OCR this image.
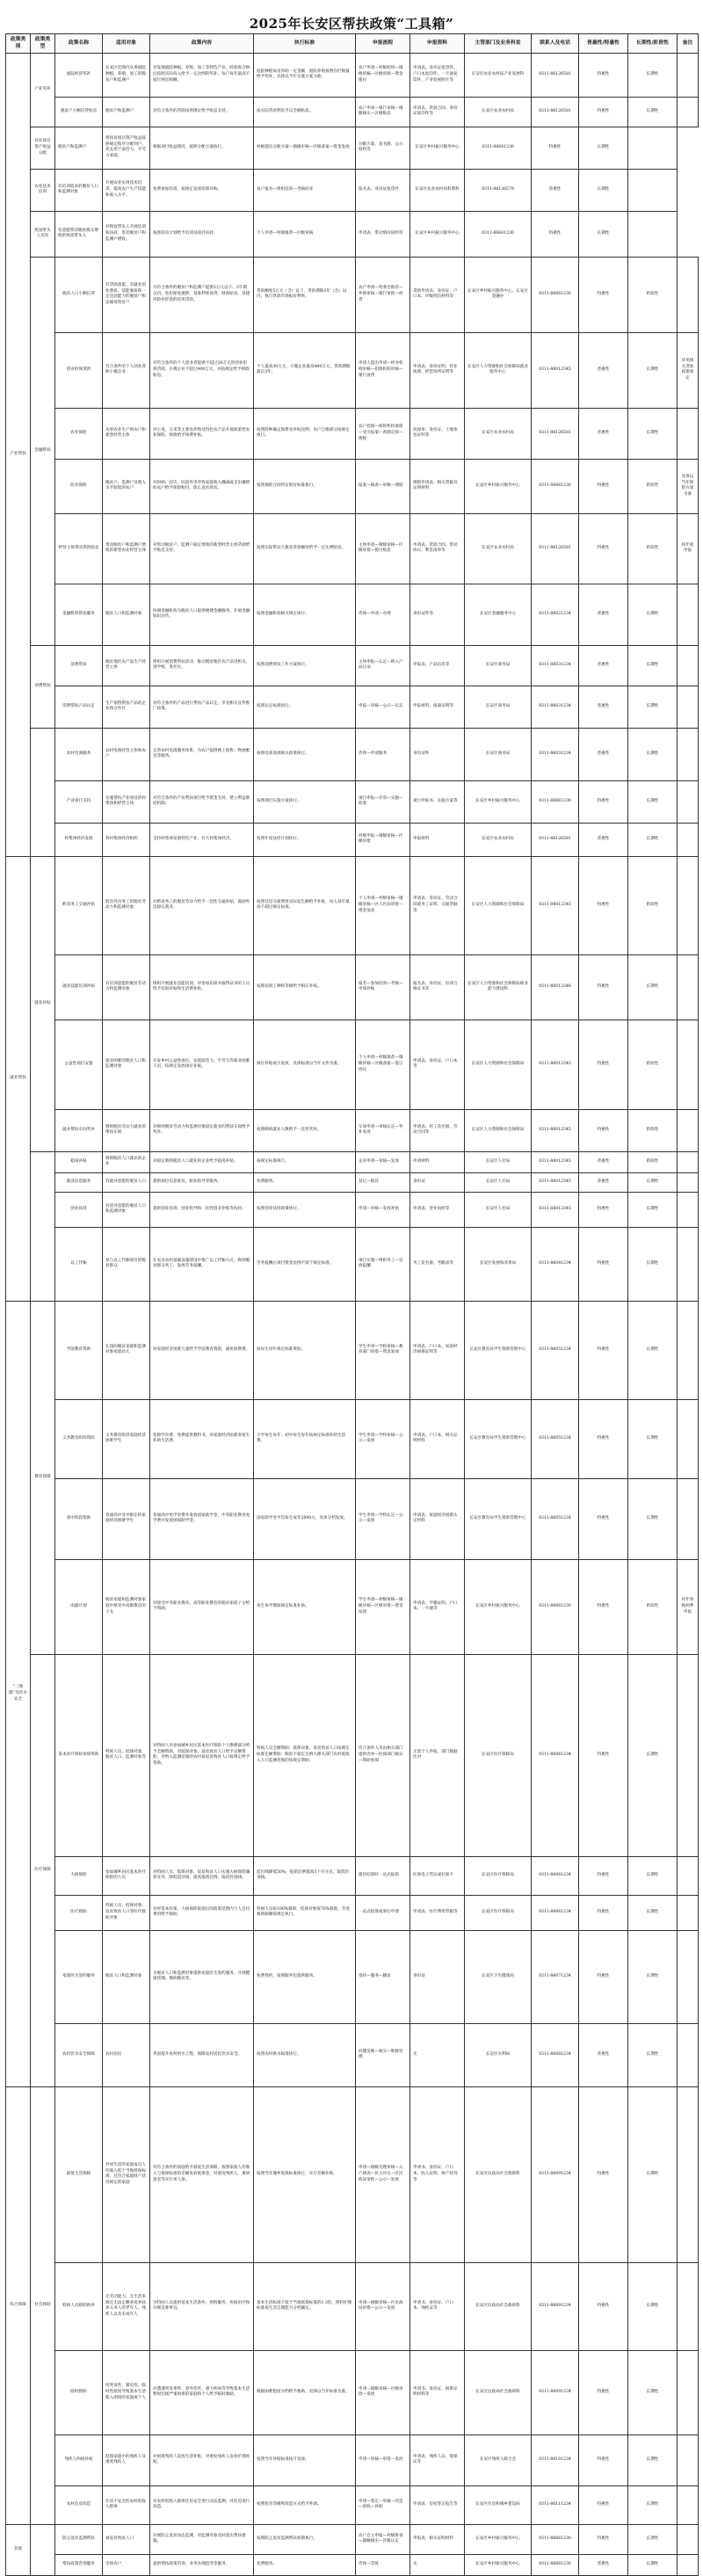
2025年长安区帮扶政策“工具箱”
政策类别	政策类型	政策名称	适用对象	政策内容	执行标准	申报流程	申报资料	主管部门及业务科室	联系人及电话	普惠性/特惠性	长期性/阶段性	备注
产业帮扶	产业奖补	庭院经济奖补	长安区范围内从事庭院种植、养殖、加工的脱贫户和监测户	对发展庭院种植、养殖、加工等特色产业，经验收合格后按照实际投入给予一定比例的奖补，每户每年最高不超过规定限额。	庭院种植每亩补助一定金额，庭院养殖按照存栏数量给予奖补，具体以当年实施方案为准。	农户申请—村级初审—镇级审核—区级审批—资金拨付	申请表、身份证复印件、户口本复印件、一卡通复印件、产业发展照片等	长安区农业农村局产业发展科	0311-86126581	特惠性	长期性	
		脱贫户小额信贷贴息	脱贫户和监测户	对符合条件的贷款按照规定给予贴息支持。	按实际贷款利息予以全额贴息。	农户申请—银行审核—镇级核实—区级贴息	申请表、贷款合同、身份证复印件等	长安区农业农村局	0311-86126581	特惠性	长期性	
	扶贫项目资产收益分配	脱贫户和监测户	将扶贫项目资产收益按照规定程序分配到户，优先用于弱劳力、半劳力家庭。	根据项目收益情况，按照分配方案执行。	村级提出分配方案—镇级审核—区级备案—资金发放	分配方案、花名册、公示材料等	长安区乡村振兴服务中心	0311-86661230	特惠性	长期性		
	农业技术培训	有培训需求的脱贫人口和监测对象	开展农业实用技术培训，提高农户生产技能和收入水平。	免费参加培训，按规定发放培训补助。	农户报名—组织培训—考核结业	报名表、身份证复印件	长安区农业农村局科教科	0311-86126579	普惠性	长期性		
	致富带头人培育	有意愿带动脱贫群众增收的致富带头人	对致富带头人开展培训和扶持，带动脱贫户和监测户增收。	按照培育计划给予培训及项目扶持。	个人申请—村镇推荐—区级审核	申请表、带动情况说明等	长安区乡村振兴服务中心	0311-86661230	特惠性	长期性		
	金融帮扶	脱贫人口小额信贷	有贷款意愿、有就业创业潜质、技能素质和一定还款能力的脱贫户和边缘易致贫户	为符合条件的脱贫户和监测户提供5万元以下、3年期以内、免担保免抵押、基准利率放贷、财政贴息、县建风险补偿金的信用贷款。	贷款额度5万元（含）以下，贷款期限3年（含）以内，执行贷款市场报价利率。	农户申请—村委会推荐—乡镇审核—银行审批—放贷	贷款申请表、身份证、户口本、评级授信材料等	长安区乡村振兴服务中心、长安区金融办	0311-86661230	特惠性	阶段性	
		创业担保贷款	符合条件的个人创业者和小微企业	对符合条件的个人创业者提供不超过30万元的创业担保贷款，小微企业不超过400万元，并按规定给予财政贴息。	个人最高30万元，小微企业最高400万元，贷款期限最长3年。	申请人提出申请—经办机构审核—担保机构审核—银行放贷	申请表、身份证明、营业执照、经营场所证明等	长安区人力资源和社会保障局就业服务中心	0311-86012345	普惠性	长期性	详见相关贷款政策规定
		农业保险	从事农业生产的农户和新型经营主体	对小麦、玉米等主要农作物及特色农产品开展政策性农业保险，财政给予保费补贴。	按照险种确定保费及补贴比例，农户自缴部分按规定执行。	农户投保—保险机构承保—受灾报案—查勘定损—理赔	投保单、身份证、土地承包证明等	长安区农业农村局	0311-86126581	普惠性	长期性	
		防贫保险	脱贫户、监测户及收入水平较低的农户	对因病、因灾、因意外等导致家庭收入骤减或支出骤增的农户给予保险赔付，防止返贫致贫。	按照保险合同约定赔付标准执行。	报案—核查—审核—理赔	理赔申请表、相关票据及证明材料	长安区乡村振兴服务中心	0311-86661230	特惠性	阶段性	具体以当年保险方案为准
		经营主体带动贷款贴息	带动脱贫户和监测户增收的新型农业经营主体	对带动脱贫户、监测户稳定增收的新型经营主体贷款给予贴息支持。	按照实际带动人数及贷款额度给予一定比例贴息。	主体申请—镇级审核—区级审批—拨付贴息	申请表、贷款合同、带动协议、利息清单等	长安区农业农村局	0311-86126581	特惠性	阶段性	按年度申报
		金融机构帮扶服务	脱贫人口和监测对象	协调金融机构为脱贫人口提供便捷金融服务，开展金融知识宣传。	按照金融机构相关规定执行。	咨询—申请—办理	身份证件等	长安区金融服务中心	0311-86021234	普惠性	长期性	
	消费帮扶	消费帮扶	脱贫地区农产品生产经营主体	组织开展消费帮扶活动，推动脱贫地区农产品进机关、进学校、进社区。	按照消费帮扶工作方案执行。	主体申报—认定—纳入产品目录	申报表、产品信息等	长安区商务局	0311-86031234	普惠性	长期性	
		消费帮扶产品认定	生产销售帮扶产品的企业和合作社	对符合条件的产品进行帮扶产品认定，享受相关宣传推广政策。	按照认定标准执行。	申报—审核—公示—认定	申报材料、质量证明等	长安区商务局	0311-86031234	普惠性	长期性	
		农村电商服务	农村电商经营主体和农户	完善农村电商服务体系，为农户提供网上销售、物流配送等服务。	按照电商发展相关政策执行。	咨询—申请服务	身份证件	长安区商务局	0311-86031234	普惠性	长期性	
		产业项目支持	实施帮扶产业项目的村集体和经营主体	对符合条件的产业帮扶项目给予资金支持，建立利益联结机制。	按照项目实施方案执行。	项目申报—评审—实施—验收	项目申报书、实施方案等	长安区乡村振兴服务中心	0311-86661230	特惠性	长期性	
		村集体经济发展	各村集体经济组织	支持村集体发展特色产业，壮大村集体经济。	按照年度扶持计划执行。	村级申报—镇级审核—区级审批	申报材料	长安区农业农村局	0311-86126581	普惠性	长期性	
就业帮扶	就业补贴	跨省务工交通补贴	跨省外出务工的脱贫劳动力和监测对象	对跨省务工的脱贫劳动力给予一次性交通补贴，鼓励外出稳定就业。	按照往返交通费用实际发生额给予补贴，每人每年最高不超过规定标准。	个人申请—村级审核—镇级审核—区人社局审批—资金发放	申请表、身份证、劳动合同或务工证明、交通票据等	长安区人力资源和社会保障局	0311-86012345	特惠性	阶段性	
		就业技能培训补贴	有培训意愿的脱贫劳动力和监测对象	组织开展就业技能培训，对参加培训并取得证书的人员给予培训补贴和生活费补贴。	按照培训工种和等级给予相应补贴。	报名—参加培训—考核—申领补贴	报名表、身份证、培训合格证书等	长安区人力资源和社会保障局职业能力建设科	0311-86012346	特惠性	长期性	
		公益性岗位安置	就业困难的脱贫人口和监测对象	开发乡村公益性岗位，安置弱劳力、半劳力等就业困难人员，按规定发放岗位补贴。	岗位补贴按月发放，具体标准以当年文件为准。	个人申请—村级推荐—镇级审核—区级备案—签订协议	申请表、身份证、户口本等	长安区人力资源和社会保障局	0311-86012345	特惠性	阶段性	
		就业帮扶车间奖补	吸纳脱贫劳动力就业的帮扶车间	对吸纳脱贫劳动力和监测对象稳定就业的帮扶车间给予奖补。	按照吸纳就业人数给予一次性奖补。	车间申请—审核认定—奖补发放	申请表、用工花名册、劳动合同等	长安区人力资源和社会保障局	0311-86012345	特惠性	阶段性	
		稳岗补贴	吸纳脱贫人口就业的企业	对稳定吸纳脱贫人口就业的企业给予稳岗补贴。	按规定标准执行。	企业申请—审核—发放	申请材料	长安区人社局	0311-86012345	普惠性	阶段性	
		就业信息服务	有就业意愿的脱贫人口	提供岗位信息推送、职业指导等服务。	免费服务。	登记—推荐	身份证	长安区人社局	0311-86012345	普惠性	长期性	
		创业扶持	有创业意愿的脱贫人口和监测对象	提供创业培训、创业指导和一次性创业补贴等扶持。	按照创业扶持政策执行。	申请—审核—发放补贴	申请表、营业执照等	长安区人社局	0311-86012345	特惠性	长期性	
		以工代赈	参与以工代赈项目的脱贫群众	在农业农村基础设施建设中推广以工代赈方式，吸纳脱贫群众务工，发放劳务报酬。	劳务报酬占项目资金比例不低于规定标准。	项目实施—组织务工—发放报酬	务工花名册、考勤表等	长安区发展和改革局	0311-86041234	特惠性	长期性	
“三保障”及饮水安全	教育保障	学前教育资助	在园的脱贫家庭和监测对象家庭幼儿	对家庭经济困难儿童给予学前教育资助，减免保教费。	按每生每年规定标准资助。	学生申请—学校审核—教育部门审批—资金发放	申请表、户口本、家庭经济困难证明等	长安区教育局学生资助管理中心	0311-86051234	特惠性	长期性	
		义务教育阶段资助	义务教育阶段家庭经济困难学生	免除学杂费、免费提供教科书，对家庭经济困难寄宿生补助生活费。	小学每生每年、初中每生每年按规定标准补助生活费。	学生申请—学校审核—公示—发放	申请表、户口本、相关证明材料	长安区教育局学生资助管理中心	0311-86051234	特惠性	长期性	
		高中阶段资助	普通高中及中职在校家庭经济困难学生	普通高中免学杂费并发放国家助学金，中等职业教育免学费并发放国家助学金。	国家助学金平均每生每年2000元，具体分档发放。	学生申请—学校认定—公示—发放	申请表、家庭经济困难认定材料	长安区教育局学生资助管理中心	0311-86051234	特惠性	长期性	
		雨露计划	脱贫家庭和监测对象家庭中接受中高职教育的子女	对接受中等职业教育、高等职业教育的脱贫家庭子女给予资助。	每生每学期按规定标准补助。	学生申请—村级审核—镇级审核—区级审批—资金发放	申请表、学籍证明、户口本、一卡通等	长安区乡村振兴服务中心	0311-86661230	特惠性	阶段性	每年春秋两季申报
	医疗保障	基本医疗保险参保资助	特困人员、低保对象、脱贫人口、监测对象等	对特困人员参加城乡居民基本医疗保险个人缴费部分给予全额资助，对低保对象、返贫致贫人口给予定额资助，对纳入监测范围的农村易返贫致贫人口按规定给予资助。	特困人员全额资助；低保对象、返贫致贫人口按规定标准定额资助；脱贫不稳定且纳入相关部门农村低收入人口监测范围的按规定资助。	符合条件人员由相关部门提供名单—医保部门核实—资助参保	无需个人申报，部门数据比对	长安区医疗保障局	0311-86061234	特惠性	长期性	
		大病保险	参加城乡居民基本医疗保险的人员	对特困人员、低保对象、返贫致贫人口实施大病保险倾斜支付，降低起付线、提高报销比例、取消封顶线。	起付线降低50%，报销比例提高5个百分点，取消封顶线。	就医结算时一站式报销	医保电子凭证或社保卡	长安区医疗保障局	0311-86061234	特惠性	长期性	
		医疗救助	特困人员、低保对象、返贫致贫人口等医疗救助对象	对经基本医保、大病保险报销后的政策范围内个人自付费用给予救助。	特困人员按100%救助，低保对象按70%救助，年度救助限额按规定执行。	一站式结算或事后申请	申请表、医疗费用票据等	长安区医疗保障局	0311-86061234	特惠性	长期性	
		家庭医生签约服务	脱贫人口和监测对象	为脱贫人口和监测对象提供家庭医生签约服务，开展健康管理、慢病随访等。	免费签约，按照服务包提供服务。	签约—服务—随访	身份证	长安区卫生健康局	0311-86071234	特惠性	长期性	
		农村饮水安全保障	农村居民	巩固提升农村供水工程，保障农村居民饮水安全。	按照农村供水标准执行。	问题反映—核实—维修处理	无	长安区水利局	0311-86081234	普惠性	长期性	
综合保障	社会救助	最低生活保障	共同生活的家庭成员人均收入低于当地低保标准，且符合家庭财产状况规定的家庭	对符合条件的家庭给予最低生活保障，按照家庭人均收入与低保标准的差额发放低保金，对重度残疾人、重病患者等实行单人保。	按照当年城乡低保标准执行，实行差额补助。	申请—镇级受理审核—入户调查—民主评议—区民政局审批—公示—发放	申请书、身份证、户口本、收入证明、财产状况等	长安区民政局社会救助科	0311-86091234	特惠性	长期性	
		特困人员救助供养	无劳动能力、无生活来源且无法定赡养抚养扶养义务人的老年人、残疾人以及未成年人	为特困人员提供基本生活条件、照料服务、疾病治疗和办理丧葬事宜。	基本生活标准不低于当地低保标准的1.3倍，照料护理标准按生活自理能力分档确定。	申请—镇级审核—区民政局审批—公示—发放	申请书、身份证、户口本、残疾证等	长安区民政局社会救助科	0311-86091234	特惠性	长期性	
		临时救助	因突发性、紧迫性、临时性原因导致基本生活陷入困境的家庭或个人	对遭遇突发事件、意外伤害、重大疾病等导致基本生活暂时出现严重困难的家庭和个人给予临时救助。	根据困难程度分档给予救助，具体以当年标准为准。	申请—镇级审核—区级审批—发放	申请书、身份证、困难证明材料等	长安区民政局社会救助科	0311-86091234	特惠性	长期性	
		残疾人两项补贴	低保家庭中的残疾人及重度残疾人	对困难残疾人发放生活补贴，对重度残疾人发放护理补贴。	按照当年补贴标准按月发放。	申请—审核—审批—发放	申请表、残疾人证、低保证等	长安区残疾人联合会	0311-86101234	特惠性	长期性	
		农村危房改造	住房不安全的农村低收入群体	对农村低收入群体住房安全进行动态监测，对危房进行改造。	按照危房等级和改造方式给予补助。	申请—鉴定—审核—改造—验收—补助	申请表、房屋鉴定报告等	长安区住房和城乡建设局	0311-86111234	特惠性	长期性	
其他		防止返贫监测帮扶	易返贫致贫人口	开展防止返贫动态监测，对监测对象及时落实帮扶措施。	按照防止返贫监测帮扶机制执行。	农户自主申报—村级排查—镇级核实—区级认定	申报表、相关证明材料	长安区乡村振兴服务中心	0311-86661230	特惠性	长期性	
		帮扶政策咨询服务	全体农户	提供帮扶政策咨询、业务办理指导等服务。	免费服务。	咨询—答复	无	长安区乡村振兴服务中心	0311-86661230	普惠性	长期性	
